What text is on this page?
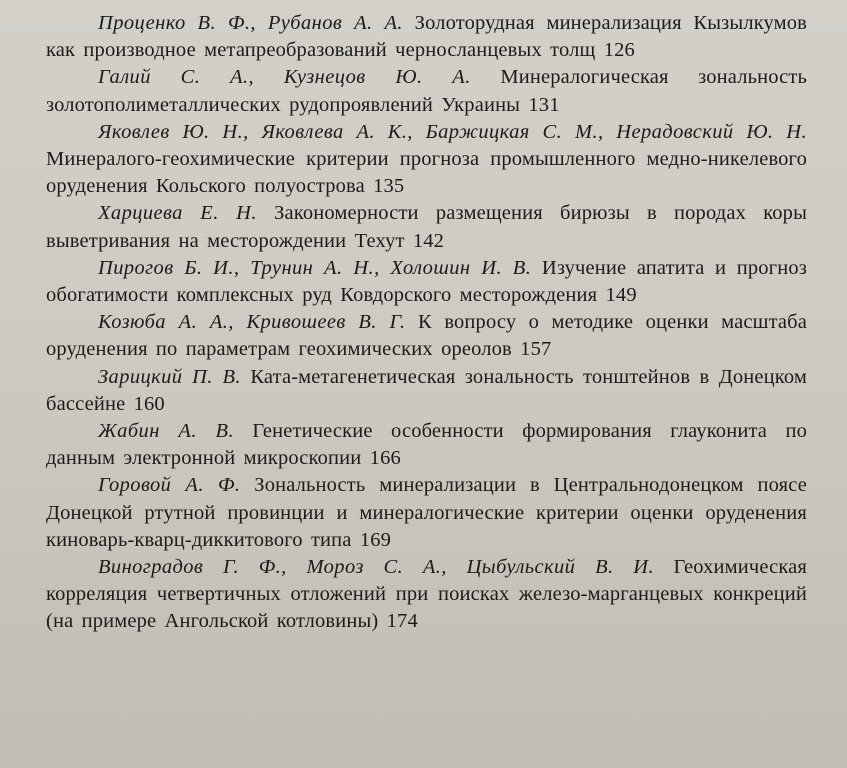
Проценко В. Ф., Рубанов А. А. Золоторудная минерализация Кызылкумов как производное метапреобразований черносланцевых толщ 126

Галий С. А., Кузнецов Ю. А. Минералогическая зональность золотополиметаллических рудопроявлений Украины 131

Яковлев Ю. Н., Яковлева А. К., Баржицкая С. М., Нерадовский Ю. Н. Минералого-геохимические критерии прогноза промышленного медно-никелевого оруденения Кольского полуострова 135

Харциева Е. Н. Закономерности размещения бирюзы в породах коры выветривания на месторождении Техут 142

Пирогов Б. И., Трунин А. Н., Холошин И. В. Изучение апатита и прогноз обогатимости комплексных руд Ковдорского месторождения 149

Козюба А. А., Кривошеев В. Г. К вопросу о методике оценки масштаба оруденения по параметрам геохимических ореолов 157

Зарицкий П. В. Ката-метагенетическая зональность тонштейнов в Донецком бассейне 160

Жабин А. В. Генетические особенности формирования глауконита по данным электронной микроскопии 166

Горовой А. Ф. Зональность минерализации в Центральнодонецком поясе Донецкой ртутной провинции и минералогические критерии оценки оруденения киноварь-кварц-диккитового типа 169

Виноградов Г. Ф., Мороз С. А., Цыбульский В. И. Геохимическая корреляция четвертичных отложений при поисках железо-марганцевых конкреций (на примере Ангольской котловины) 174
